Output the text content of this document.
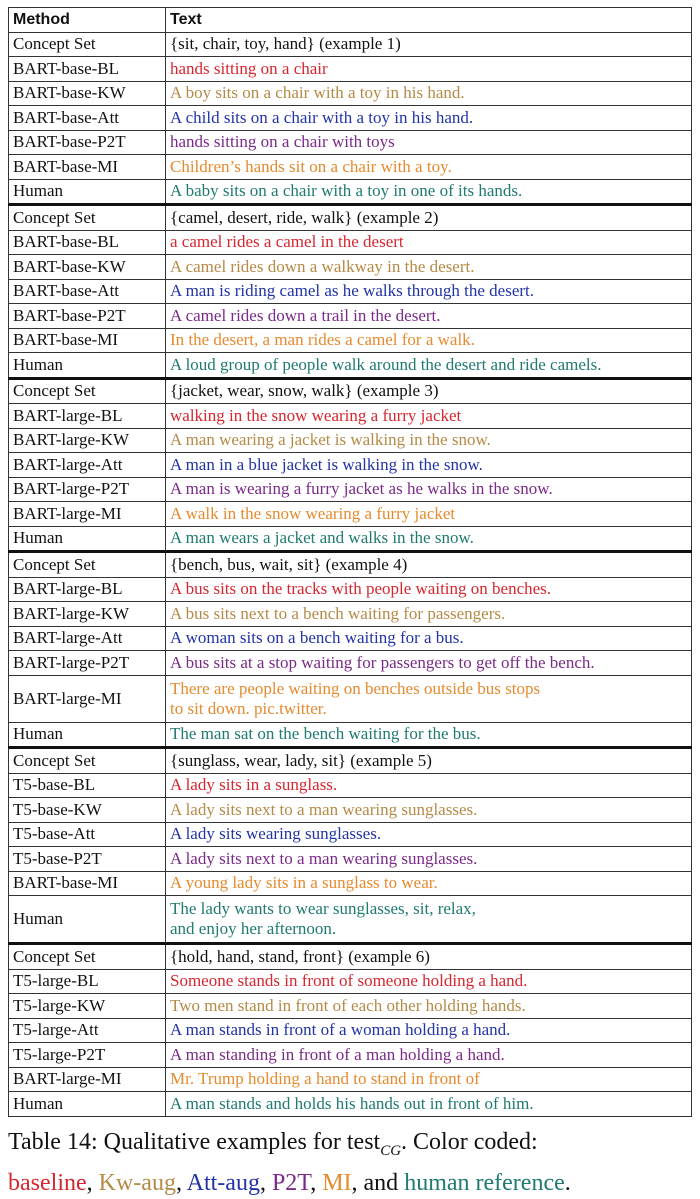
Method	Text
Concept Set	{sit, chair, toy, hand} (example 1)
BART-base-BL	hands sitting on a chair
BART-base-KW	A boy sits on a chair with a toy in his hand.
BART-base-Att	A child sits on a chair with a toy in his hand.
BART-base-P2T	hands sitting on a chair with toys
BART-base-MI	Children’s hands sit on a chair with a toy.
Human	A baby sits on a chair with a toy in one of its hands.
Concept Set	{camel, desert, ride, walk} (example 2)
BART-base-BL	a camel rides a camel in the desert
BART-base-KW	A camel rides down a walkway in the desert.
BART-base-Att	A man is riding camel as he walks through the desert.
BART-base-P2T	A camel rides down a trail in the desert.
BART-base-MI	In the desert, a man rides a camel for a walk.
Human	A loud group of people walk around the desert and ride camels.
Concept Set	{jacket, wear, snow, walk} (example 3)
BART-large-BL	walking in the snow wearing a furry jacket
BART-large-KW	A man wearing a jacket is walking in the snow.
BART-large-Att	A man in a blue jacket is walking in the snow.
BART-large-P2T	A man is wearing a furry jacket as he walks in the snow.
BART-large-MI	A walk in the snow wearing a furry jacket
Human	A man wears a jacket and walks in the snow.
Concept Set	{bench, bus, wait, sit} (example 4)
BART-large-BL	A bus sits on the tracks with people waiting on benches.
BART-large-KW	A bus sits next to a bench waiting for passengers.
BART-large-Att	A woman sits on a bench waiting for a bus.
BART-large-P2T	A bus sits at a stop waiting for passengers to get off the bench.
BART-large-MI	There are people waiting on benches outside bus stops
to sit down. pic.twitter.
Human	The man sat on the bench waiting for the bus.
Concept Set	{sunglass, wear, lady, sit} (example 5)
T5-base-BL	A lady sits in a sunglass.
T5-base-KW	A lady sits next to a man wearing sunglasses.
T5-base-Att	A lady sits wearing sunglasses.
T5-base-P2T	A lady sits next to a man wearing sunglasses.
BART-base-MI	A young lady sits in a sunglass to wear.
Human	The lady wants to wear sunglasses, sit, relax,
and enjoy her afternoon.
Concept Set	{hold, hand, stand, front} (example 6)
T5-large-BL	Someone stands in front of someone holding a hand.
T5-large-KW	Two men stand in front of each other holding hands.
T5-large-Att	A man stands in front of a woman holding a hand.
T5-large-P2T	A man standing in front of a man holding a hand.
BART-large-MI	Mr. Trump holding a hand to stand in front of
Human	A man stands and holds his hands out in front of him.
Table 14: Qualitative examples for test$_{CG}$. Color coded:
baseline, Kw-aug, Att-aug, P2T, MI, and human reference.
